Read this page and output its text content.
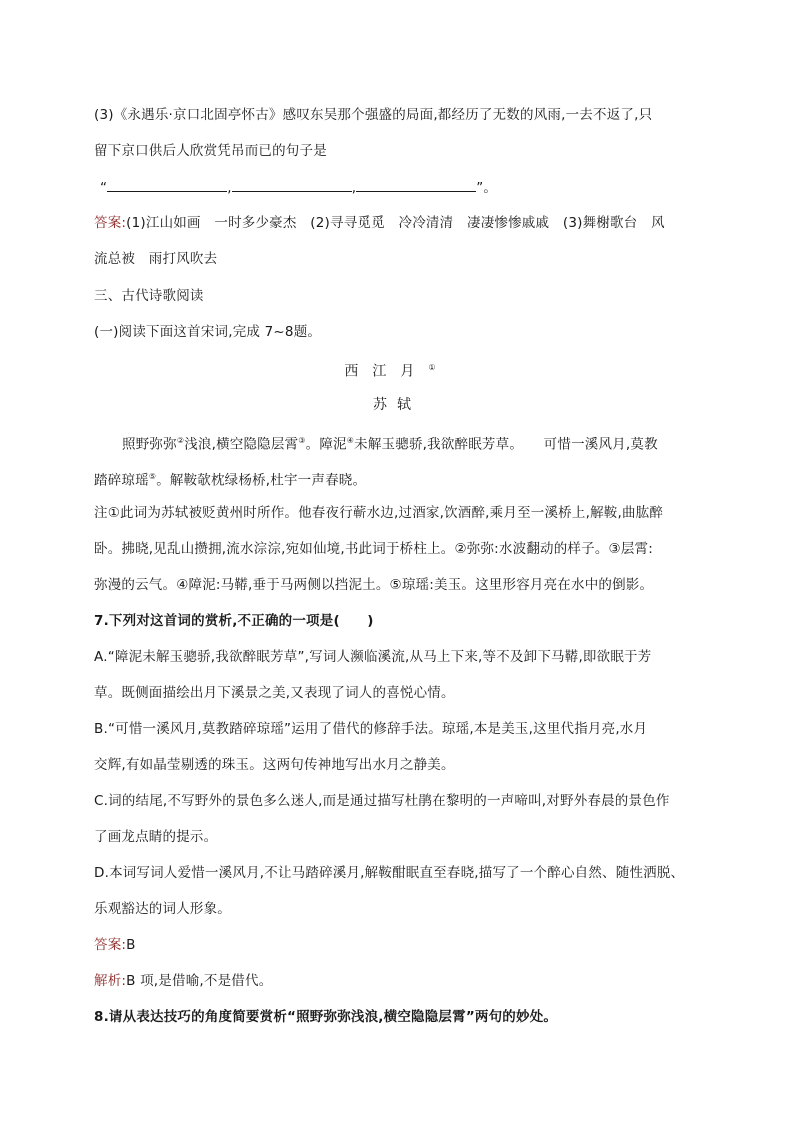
(3)《永遇乐·京口北固亭怀古》感叹东吴那个强盛的局面,都经历了无数的风雨,一去不返了,只
留下京口供后人欣赏凭吊而已的句子是
“	,	,	”。
答案:(1)江山如画　一时多少豪杰　(2)寻寻觅觅　冷冷清清　凄凄惨惨戚戚　(3)舞榭歌台　风
流总被　雨打风吹去
三、古代诗歌阅读
(一)阅读下面这首宋词,完成 7~8题。
西江月①
苏轼
照野弥弥②浅浪,横空隐隐层霄③。障泥④未解玉骢骄,我欲醉眠芳草。　　可惜一溪风月,莫教
踏碎琼瑶⑤。解鞍欹枕绿杨桥,杜宇一声春晓。
注①此词为苏轼被贬黄州时所作。他春夜行蕲水边,过酒家,饮酒醉,乘月至一溪桥上,解鞍,曲肱醉
卧。拂晓,见乱山攒拥,流水淙淙,宛如仙境,书此词于桥柱上。②弥弥:水波翻动的样子。③层霄:
弥漫的云气。④障泥:马鞯,垂于马两侧以挡泥土。⑤琼瑶:美玉。这里形容月亮在水中的倒影。
7.下列对这首词的赏析,不正确的一项是(　　)
A.“障泥未解玉骢骄,我欲醉眠芳草”,写词人濒临溪流,从马上下来,等不及卸下马鞯,即欲眠于芳
草。既侧面描绘出月下溪景之美,又表现了词人的喜悦心情。
B.“可惜一溪风月,莫教踏碎琼瑶”运用了借代的修辞手法。琼瑶,本是美玉,这里代指月亮,水月
交辉,有如晶莹剔透的珠玉。这两句传神地写出水月之静美。
C.词的结尾,不写野外的景色多么迷人,而是通过描写杜鹃在黎明的一声啼叫,对野外春晨的景色作
了画龙点睛的提示。
D.本词写词人爱惜一溪风月,不让马踏碎溪月,解鞍酣眠直至春晓,描写了一个醉心自然、随性洒脱、
乐观豁达的词人形象。
答案:B
解析:B 项,是借喻,不是借代。
8.请从表达技巧的角度简要赏析“照野弥弥浅浪,横空隐隐层霄”两句的妙处。
